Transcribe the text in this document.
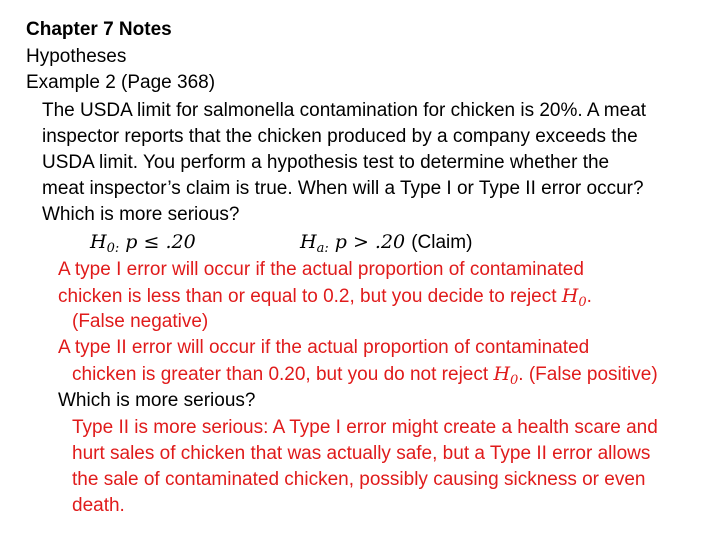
Chapter 7 Notes
Hypotheses
Example 2 (Page 368)
The USDA limit for salmonella contamination for chicken is 20%. A meat
inspector reports that the chicken produced by a company exceeds the
USDA limit. You perform a hypothesis test to determine whether the
meat inspector’s claim is true. When will a Type I or Type II error occur?
Which is more serious?
$H_{0:}$ p ≤ .20	$H_{a:}$ p > .20 (Claim)
A type I error will occur if the actual proportion of contaminated
chicken is less than or equal to 0.2, but you decide to reject $H_0$.
(False negative)
A type II error will occur if the actual proportion of contaminated
chicken is greater than 0.20, but you do not reject $H_0$. (False positive)
Which is more serious?
Type II is more serious: A Type I error might create a health scare and
hurt sales of chicken that was actually safe, but a Type II error allows
the sale of contaminated chicken, possibly causing sickness or even
death.
